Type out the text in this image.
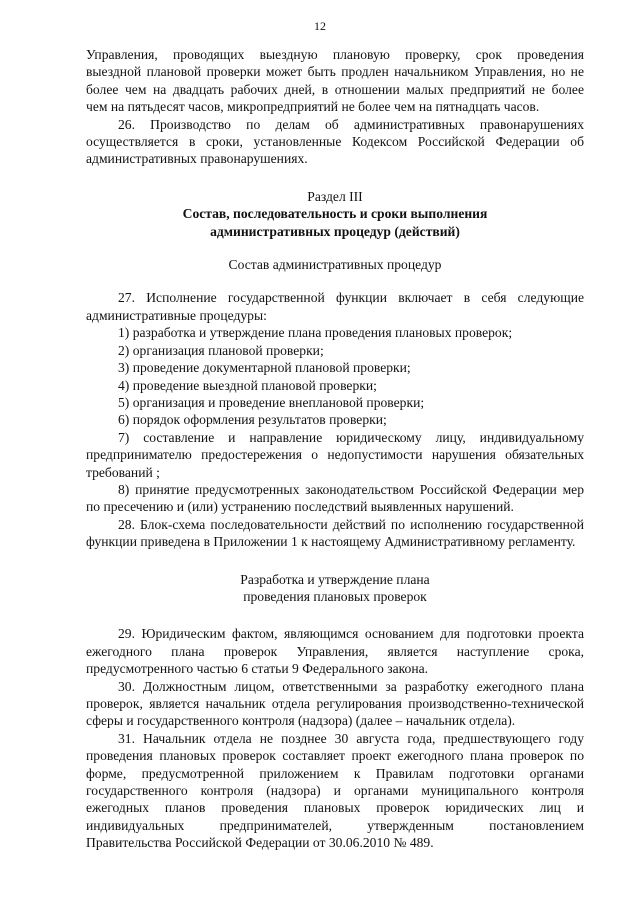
12

Управления, проводящих выездную плановую проверку, срок проведения

выездной плановой проверки может быть продлен начальником Управления, но не

более чем на двадцать рабочих дней, в отношении малых предприятий не более

чем на пятьдесят часов, микропредприятий не более чем на пятнадцать часов.

26. Производство по делам об административных правонарушениях осуществляется в сроки, установленные Кодексом Российской Федерации об административных правонарушениях.

Раздел III

Состав, последовательность и сроки выполнения

административных процедур (действий)

Состав административных процедур

27. Исполнение государственной функции включает в себя следующие административные процедуры:

1) разработка и утверждение плана проведения плановых проверок;

2) организация плановой проверки;

3) проведение документарной плановой проверки;

4) проведение выездной плановой проверки;

5) организация и проведение внеплановой проверки;

6) порядок оформления результатов проверки;

7) составление и направление юридическому лицу, индивидуальному предпринимателю предостережения о недопустимости нарушения обязательных требований ;

8) принятие предусмотренных законодательством Российской Федерации мер по пресечению и (или) устранению последствий выявленных нарушений.

28. Блок-схема последовательности действий по исполнению государственной функции приведена в Приложении 1 к настоящему Административному регламенту.

Разработка и утверждение плана

проведения плановых проверок

29. Юридическим фактом, являющимся основанием для подготовки проекта ежегодного плана проверок Управления, является наступление срока, предусмотренного частью 6 статьи 9 Федерального закона.

30. Должностным лицом, ответственными за разработку ежегодного плана проверок, является начальник отдела регулирования производственно-технической сферы и государственного контроля (надзора) (далее – начальник отдела).

31. Начальник отдела не позднее 30 августа года, предшествующего году проведения плановых проверок составляет проект ежегодного плана проверок по форме, предусмотренной приложением к Правилам подготовки органами государственного контроля (надзора) и органами муниципального контроля ежегодных планов проведения плановых проверок юридических лиц и индивидуальных предпринимателей, утвержденным постановлением

Правительства Российской Федерации от 30.06.2010 № 489.
